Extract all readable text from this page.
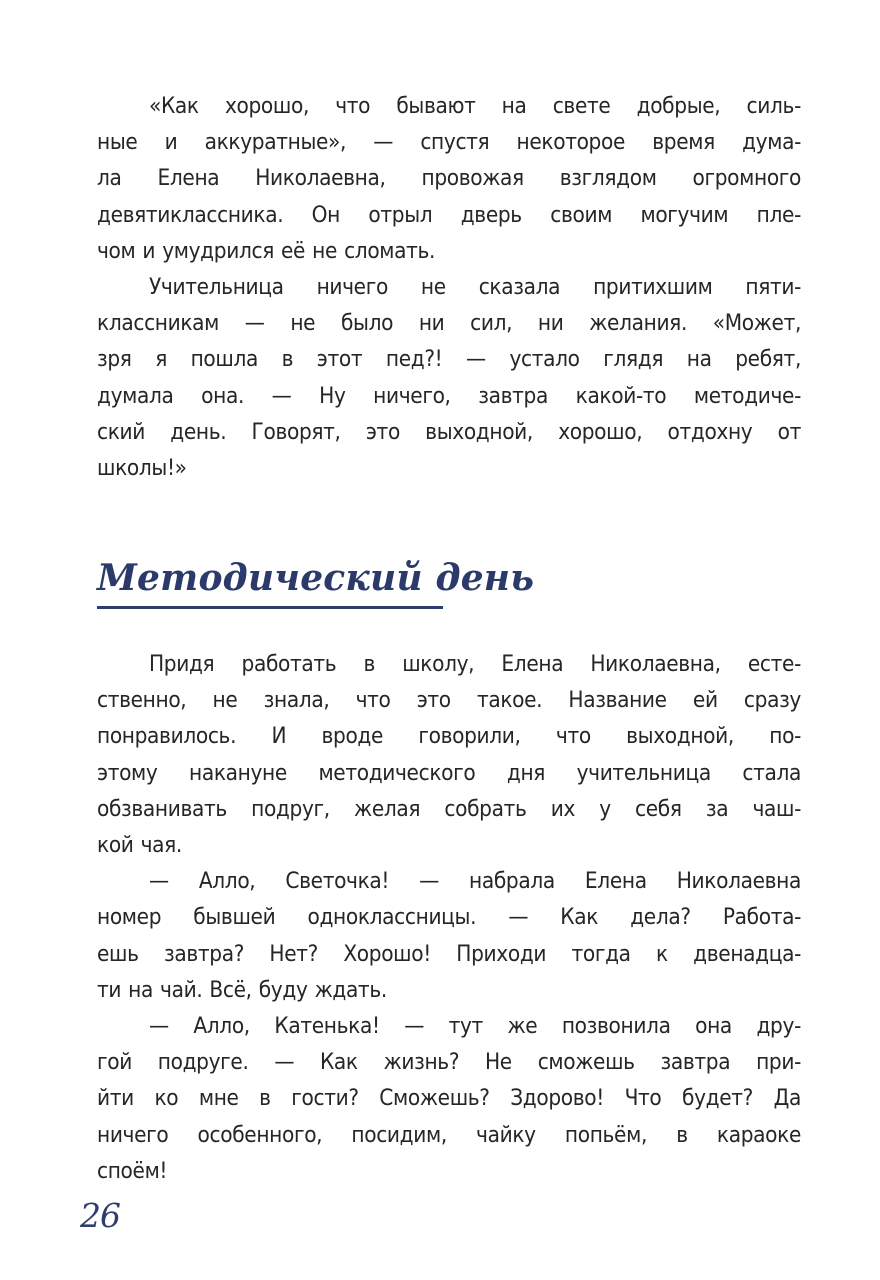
«Как хорошо, что бывают на свете добрые, силь-
ные и аккуратные», — спустя некоторое время дума-
ла Елена Николаевна, провожая взглядом огромного
девятиклассника. Он отрыл дверь своим могучим пле-
чом и умудрился её не сломать.
Учительница ничего не сказала притихшим пяти-
классникам — не было ни сил, ни желания. «Может,
зря я пошла в этот пед?! — устало глядя на ребят,
думала она. — Ну ничего, завтра какой-то методиче-
ский день. Говорят, это выходной, хорошо, отдохну от
школы!»
Методический день
Придя работать в школу, Елена Николаевна, есте-
ственно, не знала, что это такое. Название ей сразу
понравилось. И вроде говорили, что выходной, по-
этому накануне методического дня учительница стала
обзванивать подруг, желая собрать их у себя за чаш-
кой чая.
— Алло, Светочка! — набрала Елена Николаевна
номер бывшей одноклассницы. — Как дела? Работа-
ешь завтра? Нет? Хорошо! Приходи тогда к двенадца-
ти на чай. Всё, буду ждать.
— Алло, Катенька! — тут же позвонила она дру-
гой подруге. — Как жизнь? Не сможешь завтра при-
йти ко мне в гости? Сможешь? Здорово! Что будет? Да
ничего особенного, посидим, чайку попьём, в караоке
споём!
26
